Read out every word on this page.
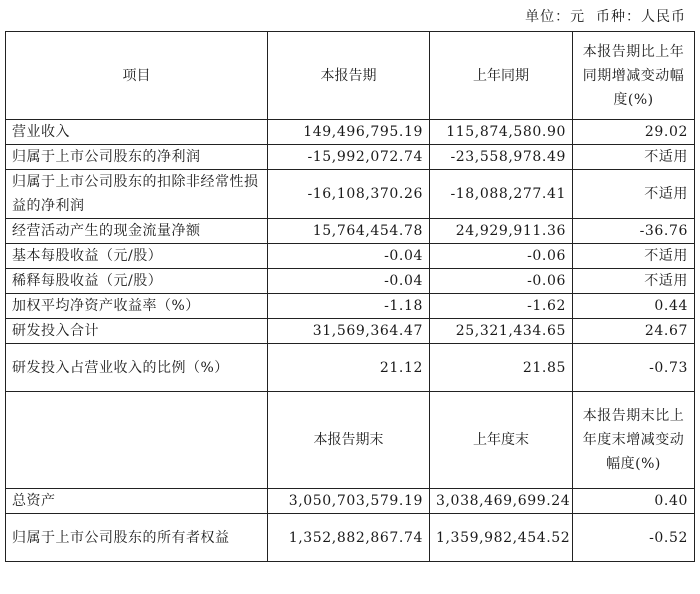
单位：元 币种：人民币
项目	本报告期	上年同期	本报告期比上年同期增减变动幅度(%)
营业收入	149,496,795.19	115,874,580.90	29.02
归属于上市公司股东的净利润	-15,992,072.74	-23,558,978.49	不适用
归属于上市公司股东的扣除非经常性损益的净利润	-16,108,370.26	-18,088,277.41	不适用
经营活动产生的现金流量净额	15,764,454.78	24,929,911.36	-36.76
基本每股收益（元/股）	-0.04	-0.06	不适用
稀释每股收益（元/股）	-0.04	-0.06	不适用
加权平均净资产收益率（%）	-1.18	-1.62	0.44
研发投入合计	31,569,364.47	25,321,434.65	24.67
研发投入占营业收入的比例（%）	21.12	21.85	-0.73
	本报告期末	上年度末	本报告期末比上年度末增减变动幅度(%)
总资产	3,050,703,579.19	3,038,469,699.24	0.40
归属于上市公司股东的所有者权益	1,352,882,867.74	1,359,982,454.52	-0.52
